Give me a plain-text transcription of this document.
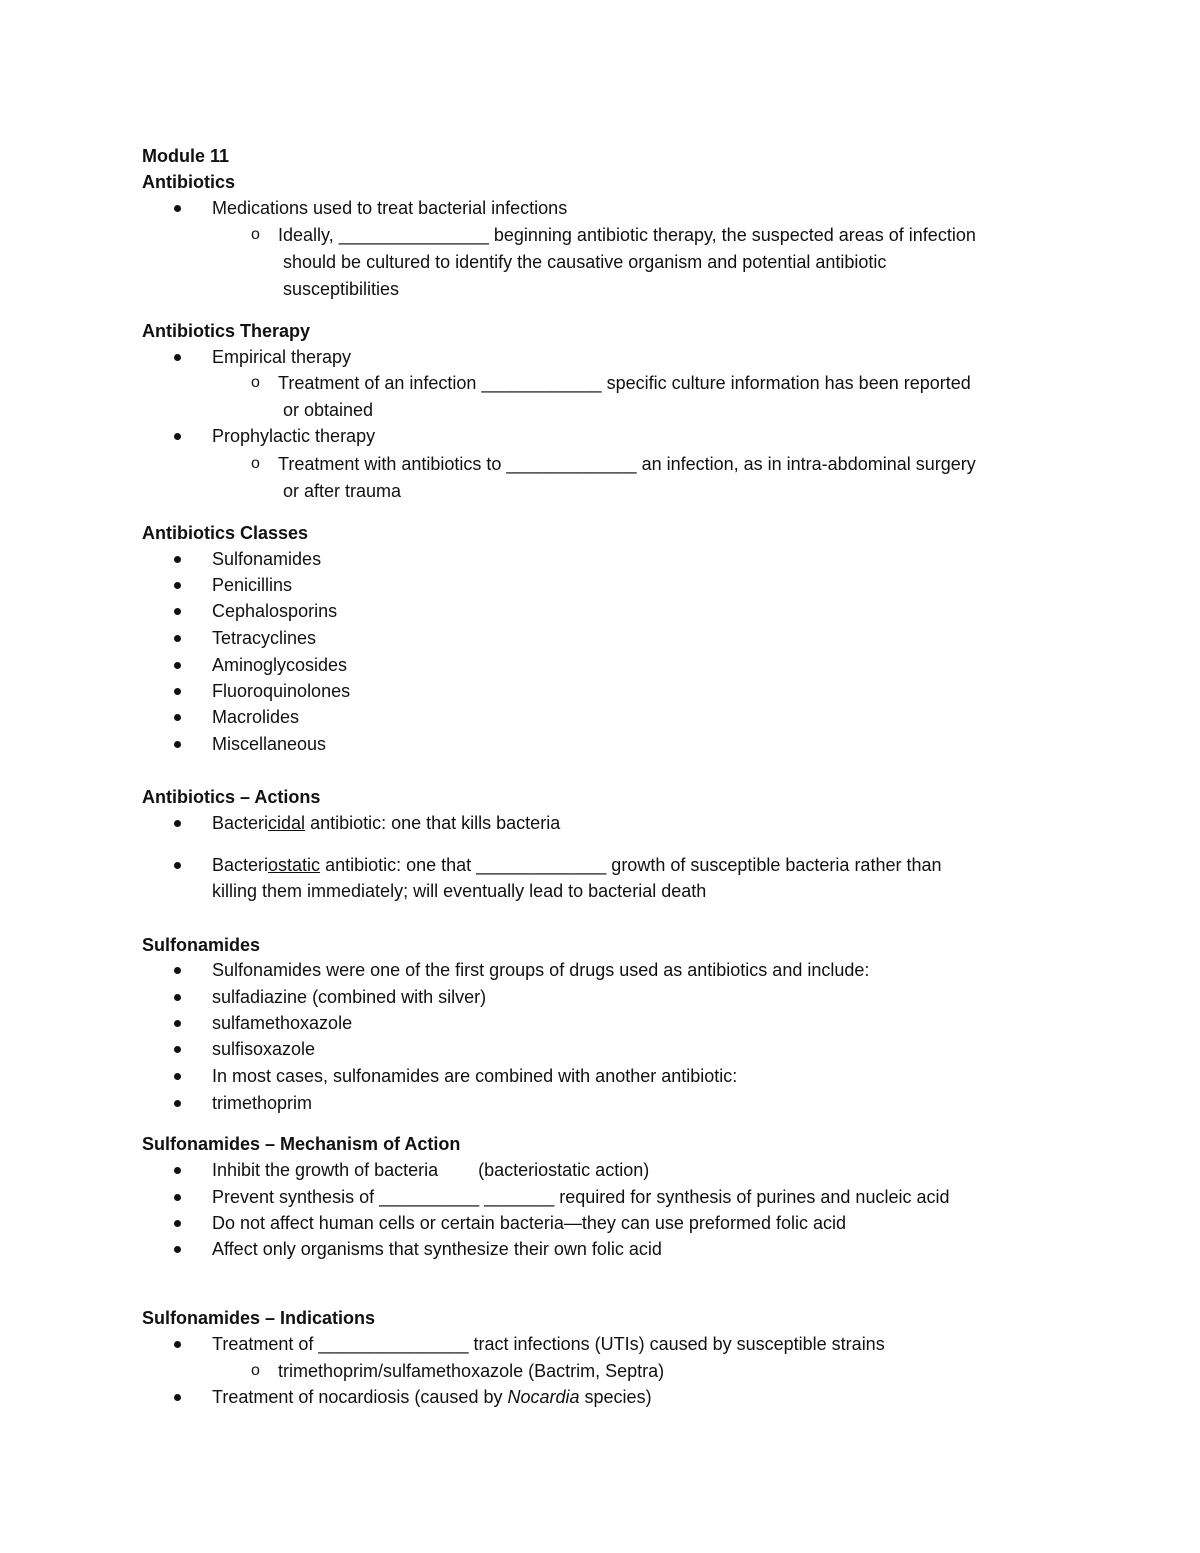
Module 11
Antibiotics
Medications used to treat bacterial infections
o Ideally, _______________ beginning antibiotic therapy, the suspected areas of infection
should be cultured to identify the causative organism and potential antibiotic
susceptibilities
Antibiotics Therapy
Empirical therapy
o Treatment of an infection ____________ specific culture information has been reported
or obtained
Prophylactic therapy
o Treatment with antibiotics to _____________ an infection, as in intra-abdominal surgery
or after trauma
Antibiotics Classes
Sulfonamides
Penicillins
Cephalosporins
Tetracyclines
Aminoglycosides
Fluoroquinolones
Macrolides
Miscellaneous
Antibiotics – Actions
Bactericidal antibiotic: one that kills bacteria
Bacteriostatic antibiotic: one that _____________ growth of susceptible bacteria rather than
killing them immediately; will eventually lead to bacterial death
Sulfonamides
Sulfonamides were one of the first groups of drugs used as antibiotics and include:
sulfadiazine (combined with silver)
sulfamethoxazole
sulfisoxazole
In most cases, sulfonamides are combined with another antibiotic:
trimethoprim
Sulfonamides – Mechanism of Action
Inhibit the growth of bacteria        (bacteriostatic action)
Prevent synthesis of __________ _______ required for synthesis of purines and nucleic acid
Do not affect human cells or certain bacteria—they can use preformed folic acid
Affect only organisms that synthesize their own folic acid
Sulfonamides – Indications
Treatment of _______________ tract infections (UTIs) caused by susceptible strains
o trimethoprim/sulfamethoxazole (Bactrim, Septra)
Treatment of nocardiosis (caused by Nocardia species)
